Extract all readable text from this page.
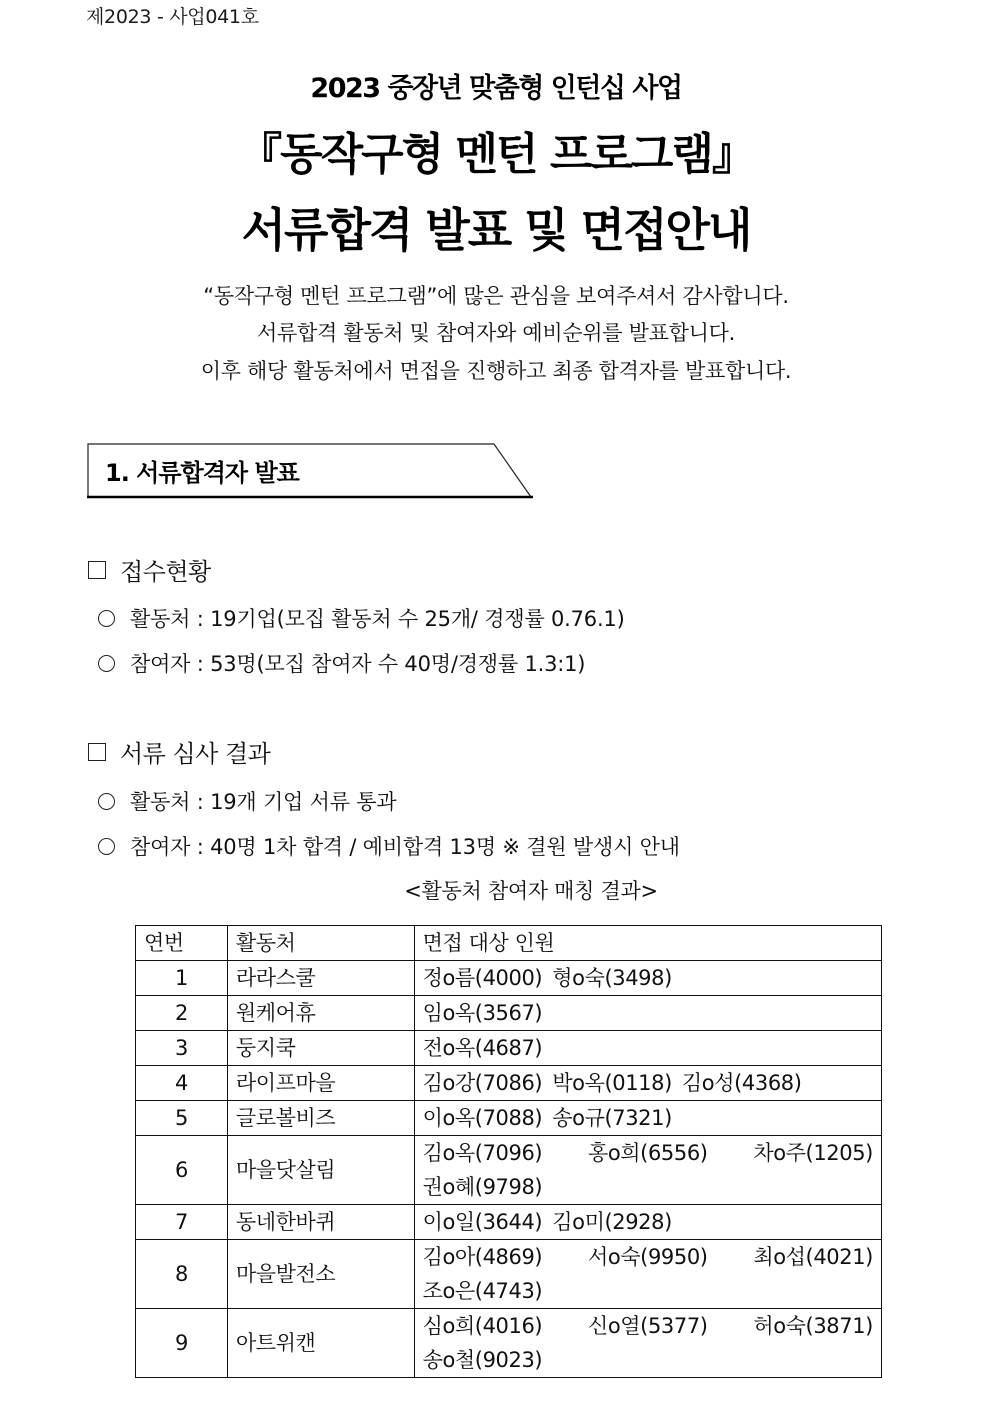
제2023 - 사업041호
2023 중장년 맞춤형 인턴십 사업
『동작구형 멘턴 프로그램』
서류합격 발표 및 면접안내
“동작구형 멘턴 프로그램”에 많은 관심을 보여주셔서 감사합니다.
서류합격 활동처 및 참여자와 예비순위를 발표합니다.
이후 해당 활동처에서 면접을 진행하고 최종 합격자를 발표합니다.
1. 서류합격자 발표
접수현황
활동처 : 19기업(모집 활동처 수 25개/ 경쟁률 0.76.1)
참여자 : 53명(모집 참여자 수 40명/경쟁률 1.3:1)
서류 심사 결과
활동처 : 19개 기업 서류 통과
참여자 : 40명 1차 합격 / 예비합격 13명 ※ 결원 발생시 안내
<활동처 참여자 매칭 결과>
연번	활동처	면접 대상 인원
1	라라스쿨	정o름(4000) 형o숙(3498)

2	원케어휴	임o옥(3567)

3	둥지쿡	전o옥(4687)

4	라이프마을	김o강(7086) 박o옥(0118) 김o성(4368)

5	글로볼비즈	이o옥(7088) 송o규(7321)

6	마을닷살림	김o옥(7096) 홍o희(6556) 차o주(1205)
권o혜(9798)

7	동네한바퀴	이o일(3644) 김o미(2928)

8	마을발전소	김o아(4869) 서o숙(9950) 최o섭(4021)
조o은(4743)

9	아트위캔	심o희(4016) 신o열(5377) 허o숙(3871)
송o철(9023)
